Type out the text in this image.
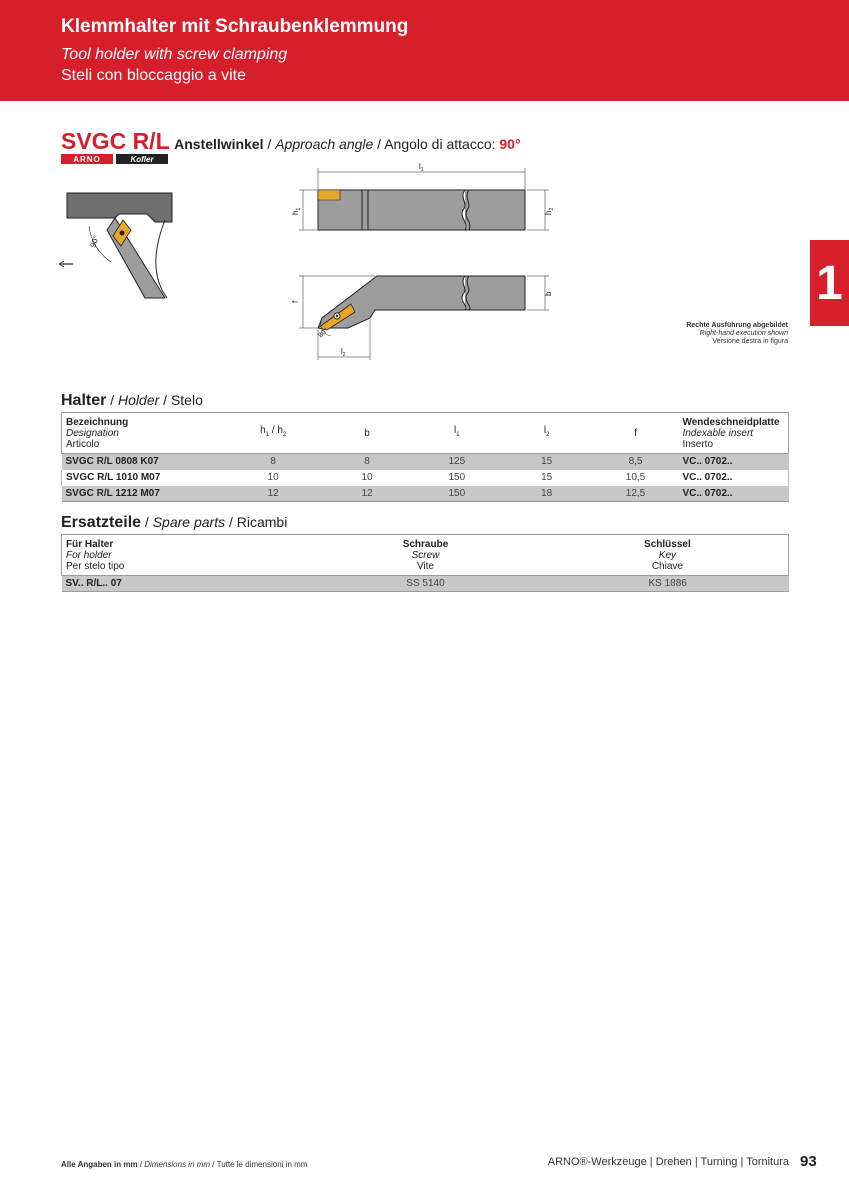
Klemmhalter mit Schraubenklemmung
Tool holder with screw clamping
Steli con bloccaggio a vite
1
SVGC R/L Anstellwinkel / Approach angle / Angolo di attacco: 90°
ARNO	Kofler
90°
$l_1$
$h_1$
$h_2$
f
b
$l_2$
80°
Rechte Ausführung abgebildet
Right-hand execution shown
Versione destra in figura
Halter / Holder / Stelo
Bezeichnung
Designation
Articolo	$h_1 / h_2$	b	$l_1$	$l_2$	f	Wendeschneidplatte
Indexable insert
Inserto

SVGC R/L 0808 K07	8	8	125	15	8,5	VC.. 0702..
SVGC R/L 1010 M07	10	10	150	15	10,5	VC.. 0702..
SVGC R/L 1212 M07	12	12	150	18	12,5	VC.. 0702..
Ersatzteile / Spare parts / Ricambi
Für Halter
For holder
Per stelo tipo	Schraube
Screw
Vite	Schlüssel
Key
Chiave

SV.. R/L.. 07	SS 5140	KS 1886
Alle Angaben in mm / Dimensions in mm / Tutte le dimensioni in mm	ARNO®-Werkzeuge | Drehen | Turning | Tornitura 93
